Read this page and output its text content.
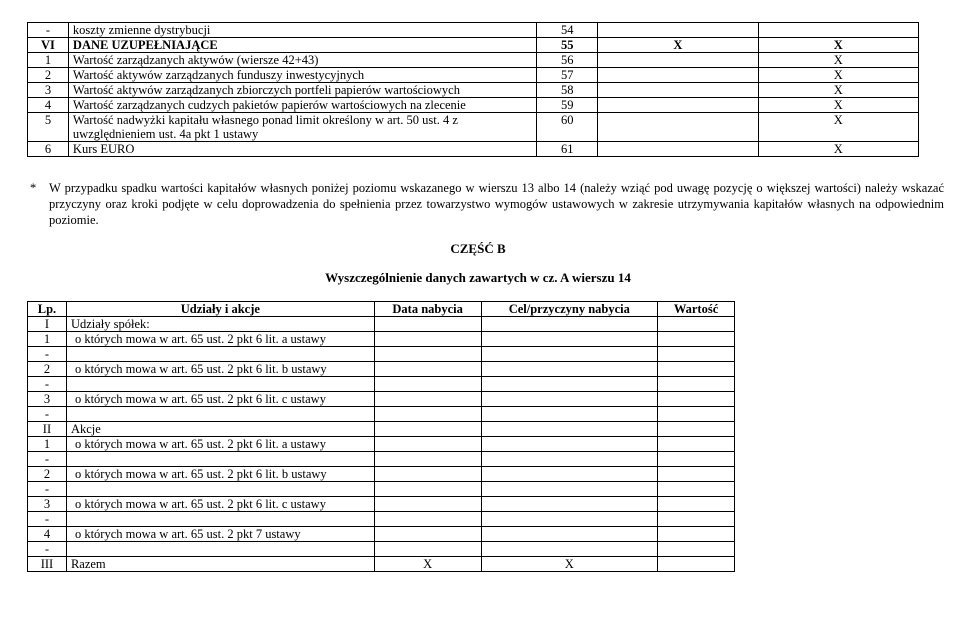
-	koszty zmienne dystrybucji	54		
VI	DANE UZUPEŁNIAJĄCE	55	X	X
1	Wartość zarządzanych aktywów (wiersze 42+43)	56		X
2	Wartość aktywów zarządzanych funduszy inwestycyjnych	57		X
3	Wartość aktywów zarządzanych zbiorczych portfeli papierów wartościowych	58		X
4	Wartość zarządzanych cudzych pakietów papierów wartościowych na zlecenie	59		X
5	Wartość nadwyżki kapitału własnego ponad limit określony w art. 50 ust. 4 z uwzględnieniem ust. 4a pkt 1 ustawy	60		X
6	Kurs EURO	61		X
* W przypadku spadku wartości kapitałów własnych poniżej poziomu wskazanego w wierszu 13 albo 14 (należy wziąć pod uwagę pozycję o większej wartości) należy wskazać przyczyny oraz kroki podjęte w celu doprowadzenia do spełnienia przez towarzystwo wymogów ustawowych w zakresie utrzymywania kapitałów własnych na odpowiednim poziomie.
CZĘŚĆ B
Wyszczególnienie danych zawartych w cz. A wierszu 14
Lp.	Udziały i akcje	Data nabycia	Cel/przyczyny nabycia	Wartość
I	Udziały spółek:			
1	o których mowa w art. 65 ust. 2 pkt 6 lit. a ustawy			
-				
2	o których mowa w art. 65 ust. 2 pkt 6 lit. b ustawy			
-				
3	o których mowa w art. 65 ust. 2 pkt 6 lit. c ustawy			
-				
II	Akcje			
1	o których mowa w art. 65 ust. 2 pkt 6 lit. a ustawy			
-				
2	o których mowa w art. 65 ust. 2 pkt 6 lit. b ustawy			
-				
3	o których mowa w art. 65 ust. 2 pkt 6 lit. c ustawy			
-				
4	o których mowa w art. 65 ust. 2 pkt 7 ustawy			
-				
III	Razem	X	X	
